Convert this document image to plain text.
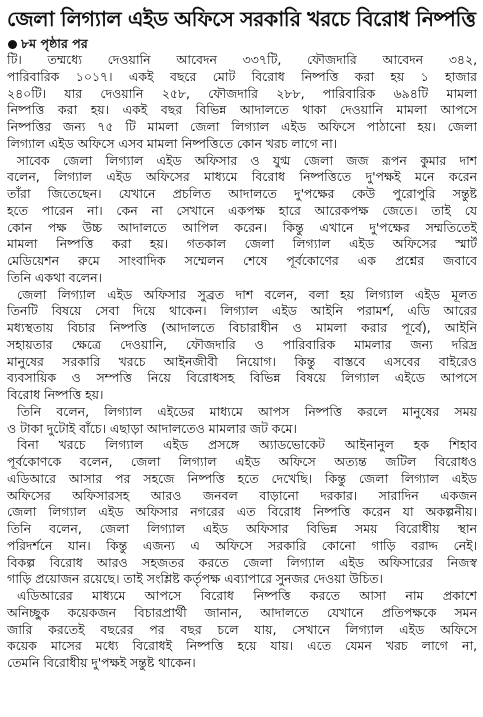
জেলা লিগ্যাল এইড অফিসে সরকারি খরচে বিরোধ নিষ্পত্তি
৮ম পৃষ্ঠার পর
টি। তম্মধ্যে দেওয়ানি আবেদন ৩৩৭টি, ফৌজদারি আবেদন ৩৪২,
পারিবারিক ১০১৭। একই বছরে মোট বিরোধ নিষ্পত্তি করা হয় ১ হাজার
২৪০টি। যার দেওয়ানি ২৫৮, ফৌজদারি ২৮৮, পারিবারিক ৬৯৪টি মামলা
নিষ্পত্তি করা হয়। একই বছর বিভিন্ন আদালতে থাকা দেওয়ানি মামলা আপসে
নিষ্পত্তির জন্য ৭৫ টি মামলা জেলা লিগ্যাল এইড অফিসে পাঠানো হয়। জেলা
লিগ্যাল এইড অফিসে এসব মামলা নিষ্পত্তিতে কোন খরচ লাগে না।
সাবেক জেলা লিগ্যাল এইড অফিসার ও যুগ্ম জেলা জজ রূপন কুমার দাশ
বলেন, লিগ্যাল এইড অফিসের মাধ্যমে বিরোধ নিষ্পত্তিতে দু'পক্ষই মনে করেন
তাঁরা জিতেছেন। যেখানে প্রচলিত আদালতে দু'পক্ষের কেউ পুরোপুরি সন্তুষ্ট
হতে পারেন না। কেন না সেখানে একপক্ষ হারে আরেকপক্ষ জেতে। তাই যে
কোন পক্ষ উচ্চ আদালতে আপিল করেন। কিন্তু এখানে দু'পক্ষের সম্মতিতেই
মামলা নিষ্পত্তি করা হয়। গতকাল জেলা লিগ্যাল এইড অফিসের স্মার্ট
মেডিয়েশন রুমে সাংবাদিক সম্মেলন শেষে পূর্বকোণের এক প্রশ্নের জবাবে
তিনি একথা বলেন।
জেলা লিগ্যাল এইড অফিসার সুব্রত দাশ বলেন, বলা হয় লিগ্যাল এইড মূলত
তিনটি বিষয়ে সেবা দিয়ে থাকেন। লিগ্যাল এইড আইনি পরামর্শ, এডি আরের
মধ্যস্থতায় বিচার নিষ্পত্তি (আদালতে বিচারাধীন ও মামলা করার পূর্বে), আইনি
সহায়তার ক্ষেত্রে দেওয়ানি, ফৌজদারি ও পারিবারিক মামলার জন্য দরিদ্র
মানুষের সরকারি খরচে আইনজীবী নিয়োগ। কিন্তু বাস্তবে এসবের বাইরেও
ব্যবসায়িক ও সম্পত্তি নিয়ে বিরোধসহ বিভিন্ন বিষয়ে লিগ্যাল এইডে আপসে
বিরোধ নিষ্পত্তি হয়।
তিনি বলেন, লিগ্যাল এইডের মাধ্যমে আপস নিষ্পত্তি করলে মানুষের সময়
ও টাকা দুটোই বাঁচে। এছাড়া আদালতেও মামলার জট কমে।
বিনা খরচে লিগ্যাল এইড প্রসঙ্গে অ্যাডভোকেট আইনানুল হক শিহাব
পূর্বকোণকে বলেন, জেলা লিগ্যাল এইড অফিসে অত্যন্ত জটিল বিরোধও
এডিআরে আসার পর সহজে নিষ্পত্তি হতে দেখেছি। কিন্তু জেলা লিগ্যাল এইড
অফিসের অফিসারসহ আরও জনবল বাড়ানো দরকার। সারাদিন একজন
জেলা লিগ্যাল এইড অফিসার নগরের এত বিরোধ নিষ্পত্তি করেন যা অকল্পনীয়।
তিনি বলেন, জেলা লিগ্যাল এইড অফিসার বিভিন্ন সময় বিরোধীয় স্থান
পরিদর্শনে যান। কিন্তু এজন্য এ অফিসে সরকারি কোনো গাড়ি বরাদ্দ নেই।
বিকল্প বিরোধ আরও সহজতর করতে জেলা লিগ্যাল এইড অফিসারের নিজস্ব
গাড়ি প্রয়োজন রয়েছে। তাই সংশ্লিষ্ট কর্তৃপক্ষ এব্যাপারে সুনজর দেওয়া উচিত।
এডিআরের মাধ্যমে আপসে বিরোধ নিষ্পত্তি করতে আসা নাম প্রকাশে
অনিচ্ছুক কয়েকজন বিচারপ্রার্থী জানান, আদালতে যেখানে প্রতিপক্ষকে সমন
জারি করতেই বছরের পর বছর চলে যায়, সেখানে লিগ্যাল এইড অফিসে
কয়েক মাসের মধ্যে বিরোধই নিষ্পত্তি হয়ে যায়। এতে যেমন খরচ লাগে না,
তেমনি বিরোধীয় দু'পক্ষই সন্তুষ্ট থাকেন।
